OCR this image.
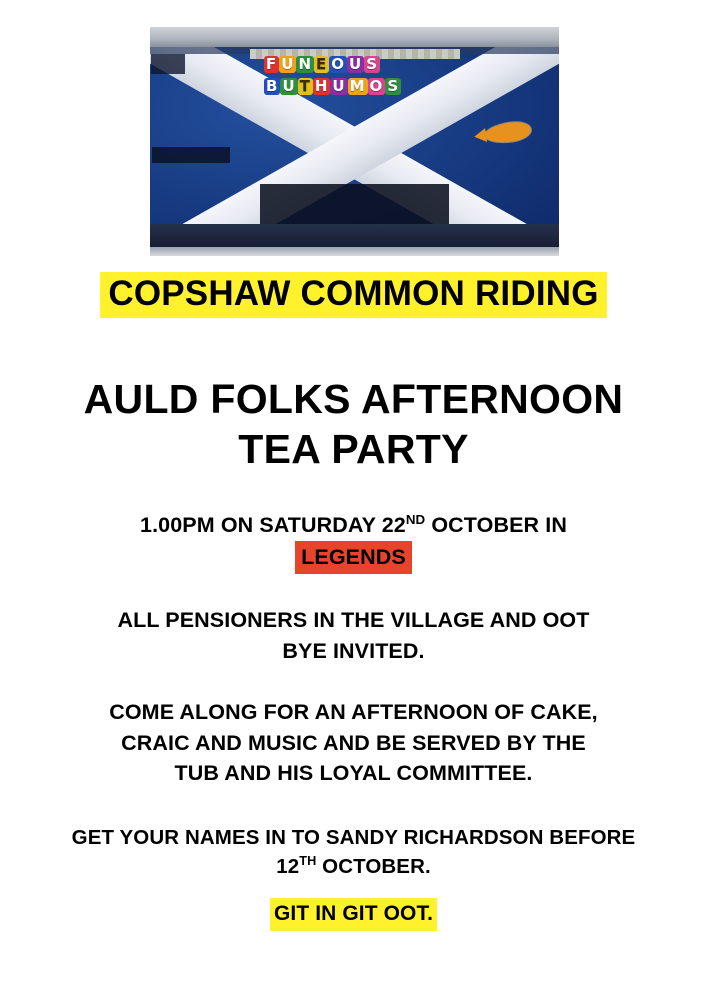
F U N E O U S
B U T H U M O S
COPSHAW COMMON RIDING
AULD FOLKS AFTERNOON
TEA PARTY
1.00PM ON SATURDAY 22ND OCTOBER IN
LEGENDS
ALL PENSIONERS IN THE VILLAGE AND OOT
BYE INVITED.
COME ALONG FOR AN AFTERNOON OF CAKE,
CRAIC AND MUSIC AND BE SERVED BY THE
TUB AND HIS LOYAL COMMITTEE.
GET YOUR NAMES IN TO SANDY RICHARDSON BEFORE
12TH OCTOBER.
GIT IN GIT OOT.
